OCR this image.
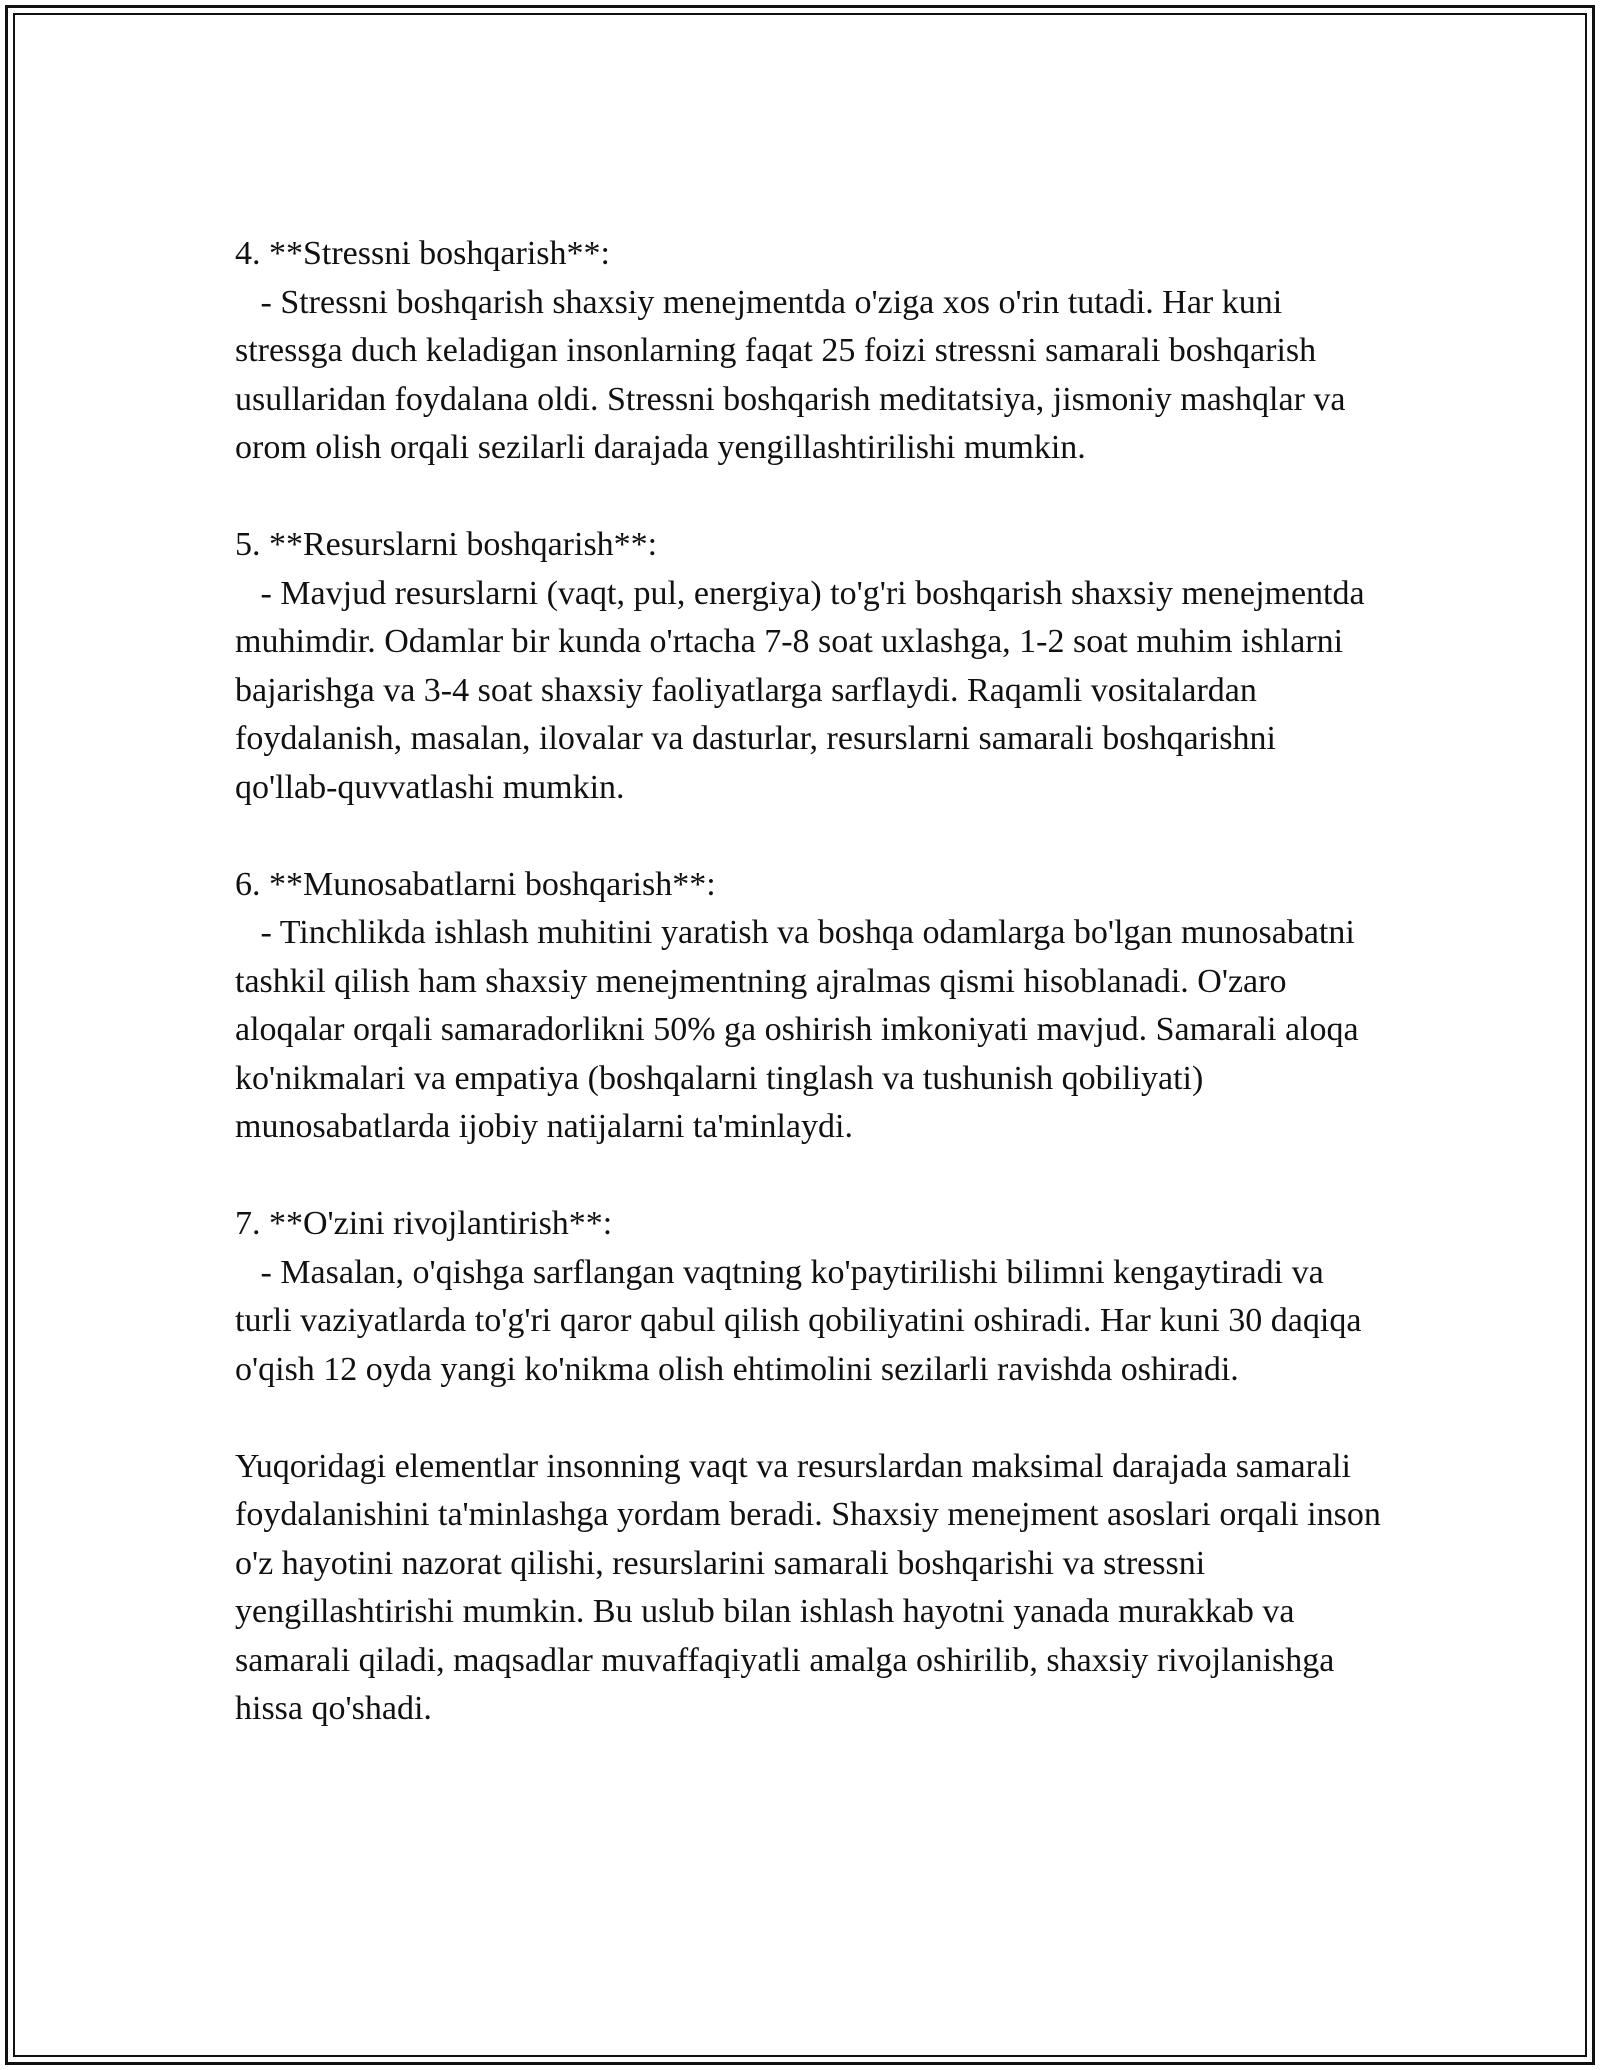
4. **Stressni boshqarish**:

- Stressni boshqarish shaxsiy menejmentda o'ziga xos o'rin tutadi. Har kuni stressga duch keladigan insonlarning faqat 25 foizi stressni samarali boshqarish usullaridan foydalana oldi. Stressni boshqarish meditatsiya, jismoniy mashqlar va orom olish orqali sezilarli darajada yengillashtirilishi mumkin.

5. **Resurslarni boshqarish**:

- Mavjud resurslarni (vaqt, pul, energiya) to'g'ri boshqarish shaxsiy menejmentda muhimdir. Odamlar bir kunda o'rtacha 7-8 soat uxlashga, 1-2 soat muhim ishlarni bajarishga va 3-4 soat shaxsiy faoliyatlarga sarflaydi. Raqamli vositalardan foydalanish, masalan, ilovalar va dasturlar, resurslarni samarali boshqarishni qo'llab-quvvatlashi mumkin.

6. **Munosabatlarni boshqarish**:

- Tinchlikda ishlash muhitini yaratish va boshqa odamlarga bo'lgan munosabatni tashkil qilish ham shaxsiy menejmentning ajralmas qismi hisoblanadi. O'zaro aloqalar orqali samaradorlikni 50% ga oshirish imkoniyati mavjud. Samarali aloqa ko'nikmalari va empatiya (boshqalarni tinglash va tushunish qobiliyati) munosabatlarda ijobiy natijalarni ta'minlaydi.

7. **O'zini rivojlantirish**:

- Masalan, o'qishga sarflangan vaqtning ko'paytirilishi bilimni kengaytiradi va turli vaziyatlarda to'g'ri qaror qabul qilish qobiliyatini oshiradi. Har kuni 30 daqiqa o'qish 12 oyda yangi ko'nikma olish ehtimolini sezilarli ravishda oshiradi.

Yuqoridagi elementlar insonning vaqt va resurslardan maksimal darajada samarali foydalanishini ta'minlashga yordam beradi. Shaxsiy menejment asoslari orqali inson o'z hayotini nazorat qilishi, resurslarini samarali boshqarishi va stressni yengillashtirishi mumkin. Bu uslub bilan ishlash hayotni yanada murakkab va samarali qiladi, maqsadlar muvaffaqiyatli amalga oshirilib, shaxsiy rivojlanishga hissa qo'shadi.
